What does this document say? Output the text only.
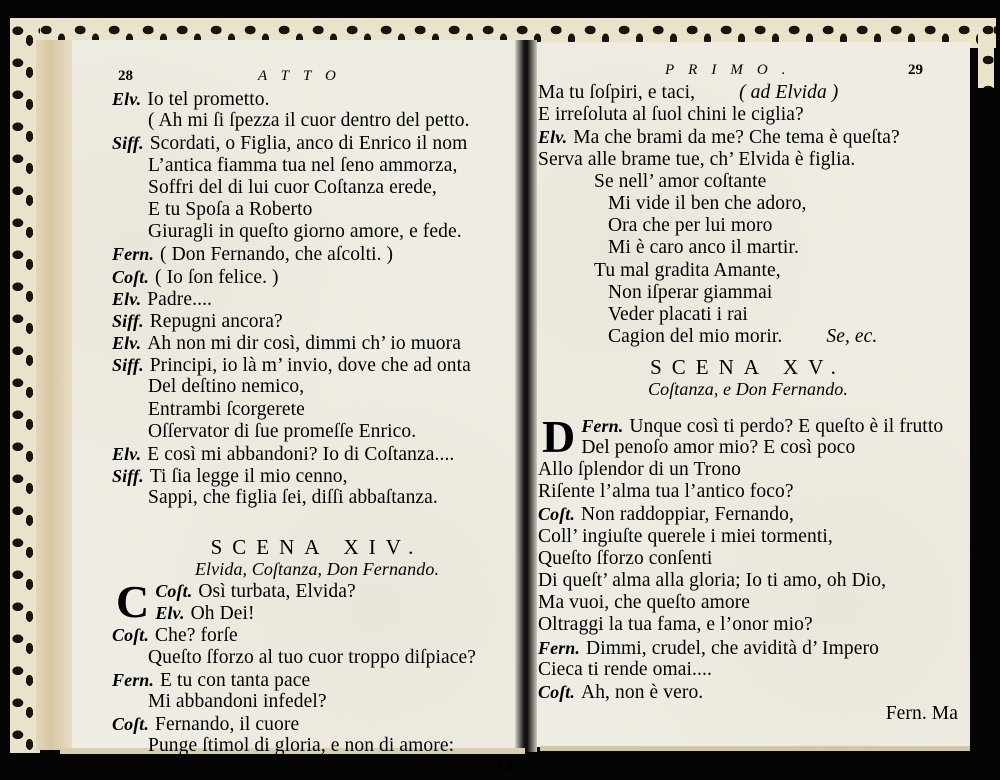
28	ATTO
Elv. Io tel prometto.
( Ah mi ſi ſpezza il cuor dentro del petto.
Siff. Scordati, o Figlia, anco di Enrico il nom
L’antica fiamma tua nel ſeno ammorza,
Soffri del di lui cuor Coſtanza erede,
E tu Spoſa a Roberto
Giuragli in queſto giorno amore, e fede.
Fern. ( Don Fernando, che aſcolti. )
Coſt. ( Io ſon felice. )
Elv. Padre....
Siff. Repugni ancora?
Elv. Ah non mi dir così, dimmi ch’ io muora
Siff. Principi, io là m’ invio, dove che ad onta
Del deſtino nemico,
Entrambi ſcorgerete
Oſſervator di ſue promeſſe Enrico.
Elv. E così mi abbandoni? Io di Coſtanza....
Siff. Ti ſia legge il mio cenno,
Sappi, che figlia ſei, diſſi abbaſtanza.
SCENA XIV.
Elvida, Coſtanza, Don Fernando.
C Coſt. Osì turbata, Elvida?
Elv. Oh Dei!
Coſt. Che? forſe
Queſto ſforzo al tuo cuor troppo diſpiace?
Fern. E tu con tanta pace
Mi abbandoni infedel?
Coſt. Fernando, il cuore
Punge ſtimol di gloria, e non di amore:
Ma
PRIMO.	29
Ma tu ſoſpiri, e taci, ( ad Elvida )
E irreſoluta al ſuol chini le ciglia?
Elv. Ma che brami da me? Che tema è queſta?
Serva alle brame tue, ch’ Elvida è figlia.
Se nell’ amor coſtante
Mi vide il ben che adoro,
Ora che per lui moro
Mi è caro anco il martir.
Tu mal gradita Amante,
Non iſperar giammai
Veder placati i rai
Cagion del mio morir. Se, ec.
SCENA XV.
Coſtanza, e Don Fernando.
D Fern. Unque così ti perdo? E queſto è il frutto
Del penoſo amor mio? E così poco
Allo ſplendor di un Trono
Riſente l’alma tua l’antico foco?
Coſt. Non raddoppiar, Fernando,
Coll’ ingiuſte querele i miei tormenti,
Queſto ſforzo conſenti
Di queſt’ alma alla gloria; Io ti amo, oh Dio,
Ma vuoi, che queſto amore
Oltraggi la tua fama, e l’onor mio?
Fern. Dimmi, crudel, che avidità d’ Impero
Cieca ti rende omai....
Coſt. Ah, non è vero.
Fern. Ma
